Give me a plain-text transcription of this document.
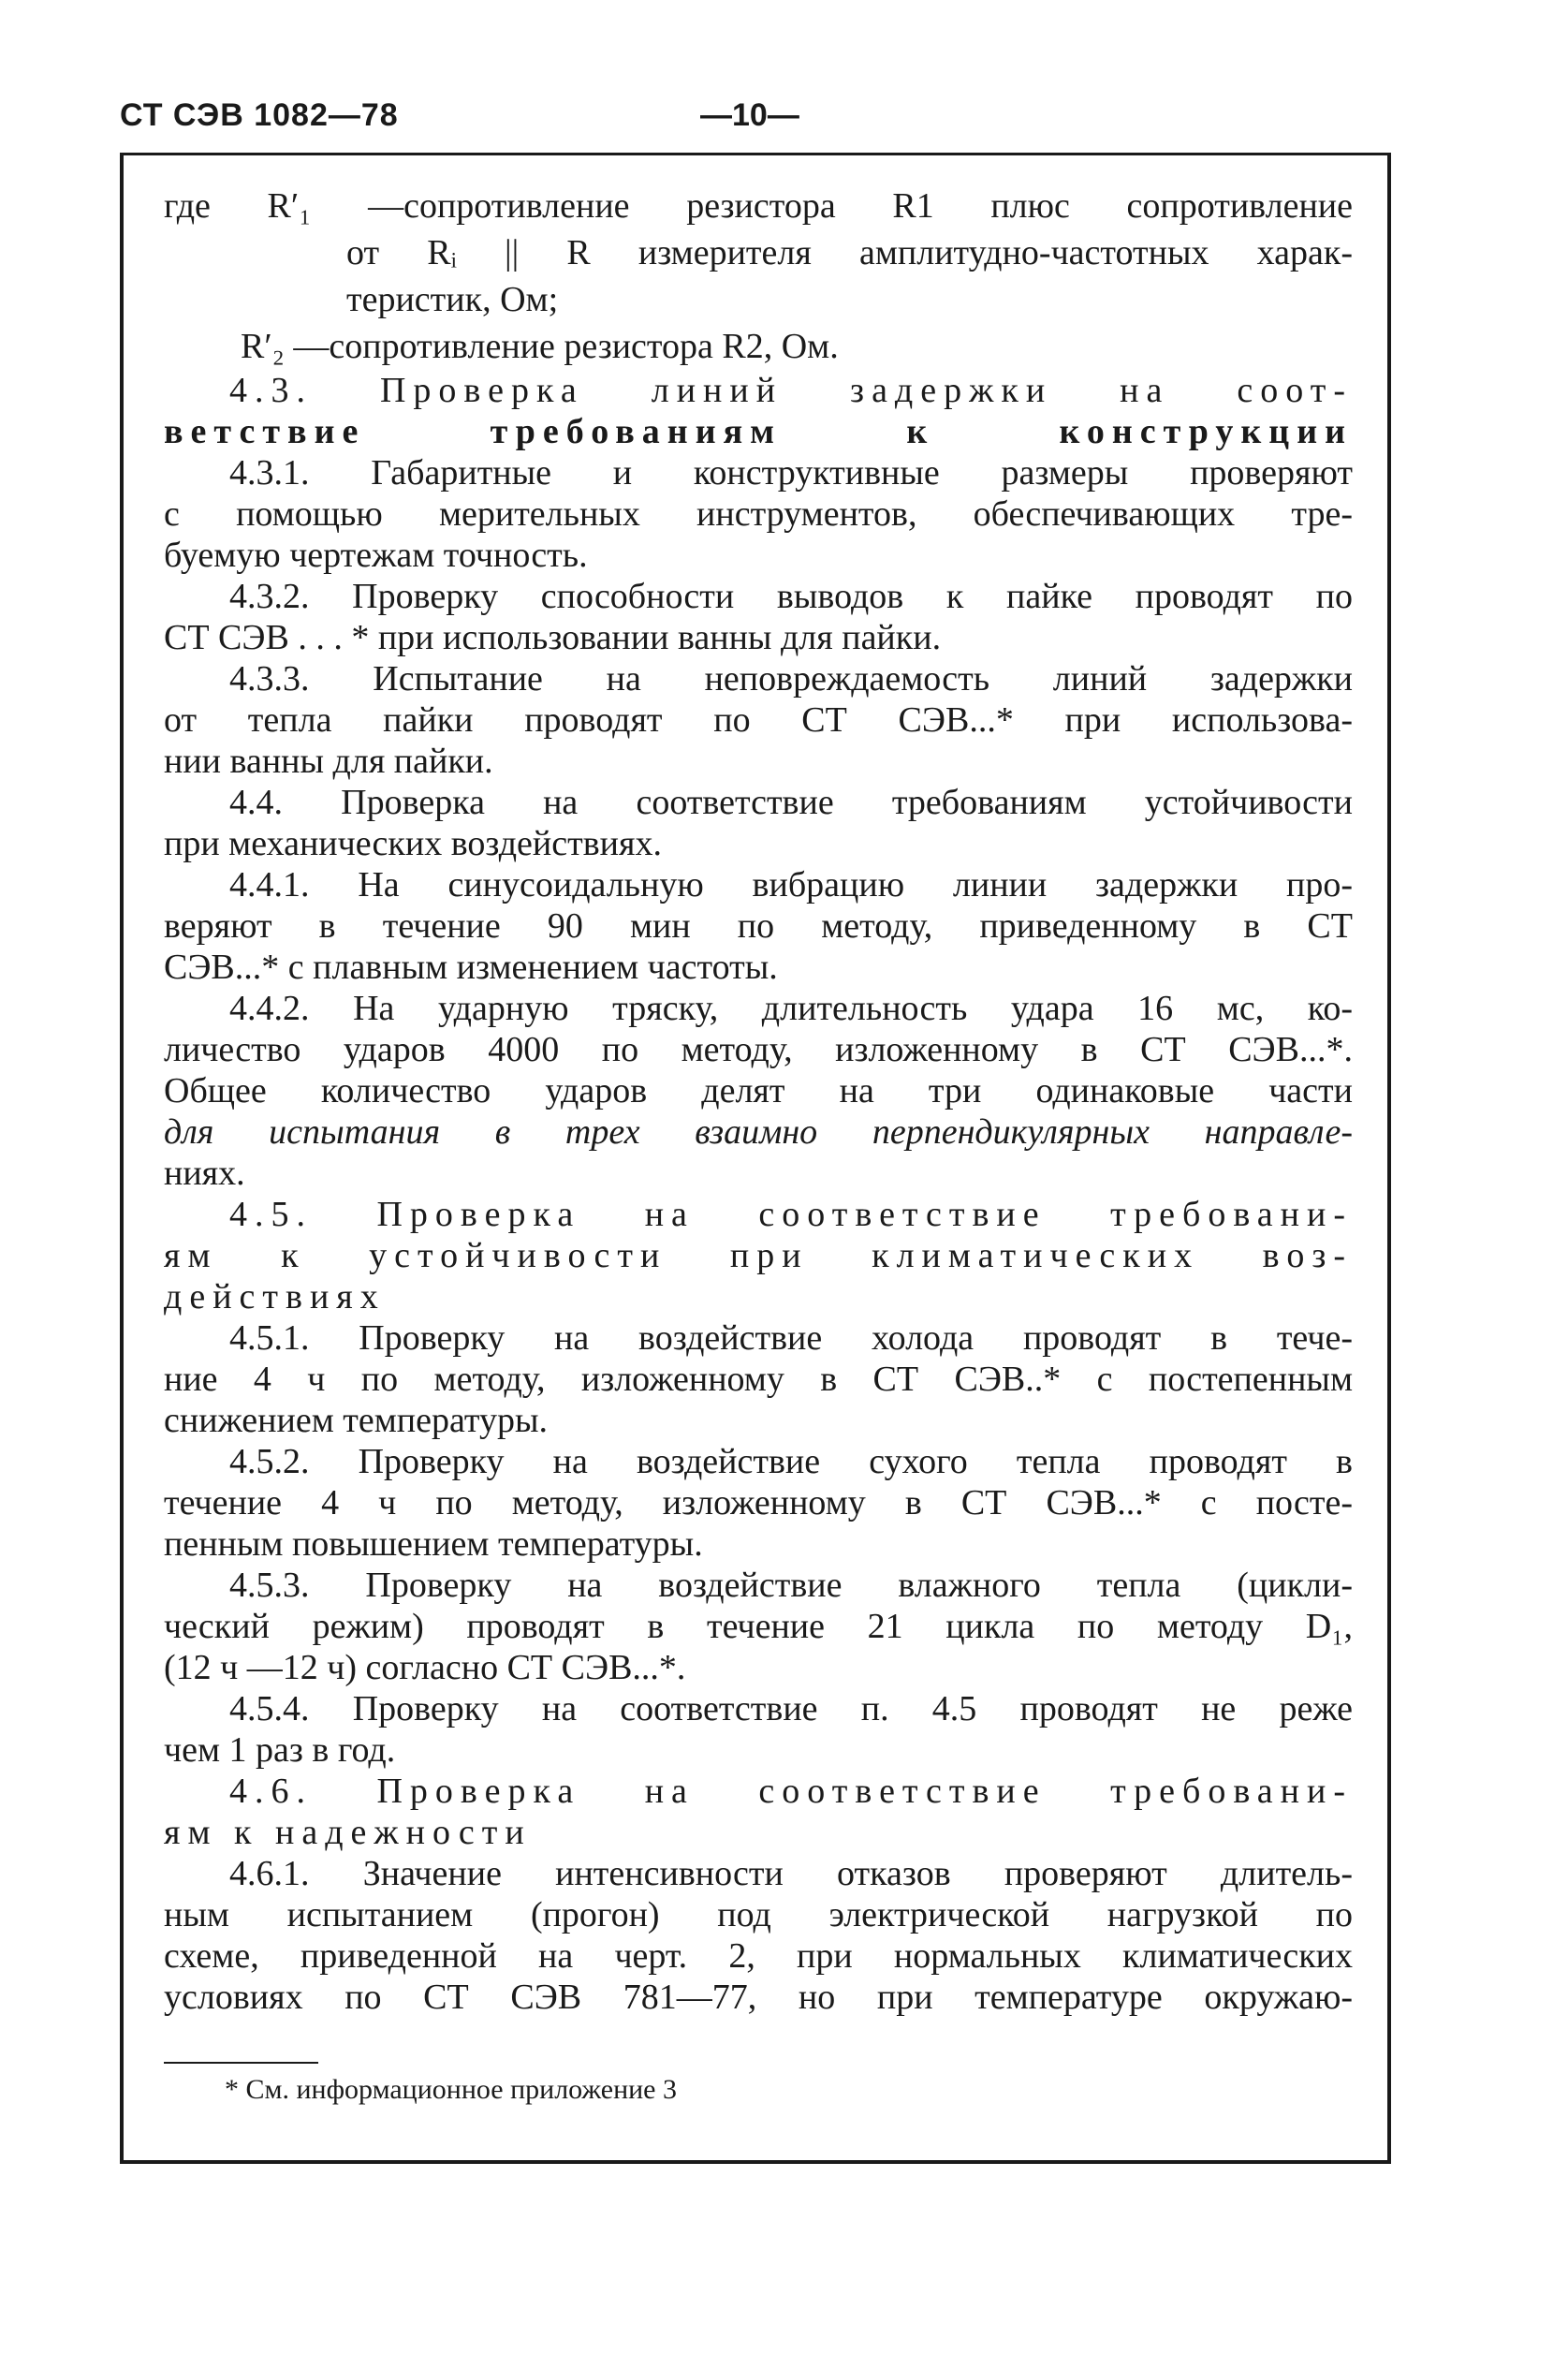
СТ СЭВ 1082—78	—10—
где R′₁ —сопротивление резистора R1 плюс сопротивление
от Rᵢ || R измерителя амплитудно-частотных харак-
теристик, Ом;
R′₂ —сопротивление резистора R2, Ом.
4.3. Проверка линий задержки на соот-
ветствие требованиям к конструкции
4.3.1. Габаритные и конструктивные размеры проверяют
с помощью мерительных инструментов, обеспечивающих тре-
буемую чертежам точность.
4.3.2. Проверку способности выводов к пайке проводят по
СТ СЭВ . . . * при использовании ванны для пайки.
4.3.3. Испытание на неповреждаемость линий задержки
от тепла пайки проводят по СТ СЭВ...* при использова-
нии ванны для пайки.
4.4. Проверка на соответствие требованиям устойчивости
при механических воздействиях.
4.4.1. На синусоидальную вибрацию линии задержки про-
веряют в течение 90 мин по методу, приведенному в СТ
СЭВ...* с плавным изменением частоты.
4.4.2. На ударную тряску, длительность удара 16 мс, ко-
личество ударов 4000 по методу, изложенному в СТ СЭВ...*.
Общее количество ударов делят на три одинаковые части
для испытания в трех взаимно перпендикулярных направле-
ниях.
4.5. Проверка на соответствие требовани-
ям к устойчивости при климатических воз-
действиях
4.5.1. Проверку на воздействие холода проводят в тече-
ние 4 ч по методу, изложенному в СТ СЭВ..* с постепенным
снижением температуры.
4.5.2. Проверку на воздействие сухого тепла проводят в
течение 4 ч по методу, изложенному в СТ СЭВ...* с посте-
пенным повышением температуры.
4.5.3. Проверку на воздействие влажного тепла (цикли-
ческий режим) проводят в течение 21 цикла по методу D₁,
(12 ч —12 ч) согласно СТ СЭВ...*.
4.5.4. Проверку на соответствие п. 4.5 проводят не реже
чем 1 раз в год.
4.6. Проверка на соответствие требовани-
ям к надежности
4.6.1. Значение интенсивности отказов проверяют длитель-
ным испытанием (прогон) под электрической нагрузкой по
схеме, приведенной на черт. 2, при нормальных климатических
условиях по СТ СЭВ 781—77, но при температуре окружаю-
* См. информационное приложение 3
